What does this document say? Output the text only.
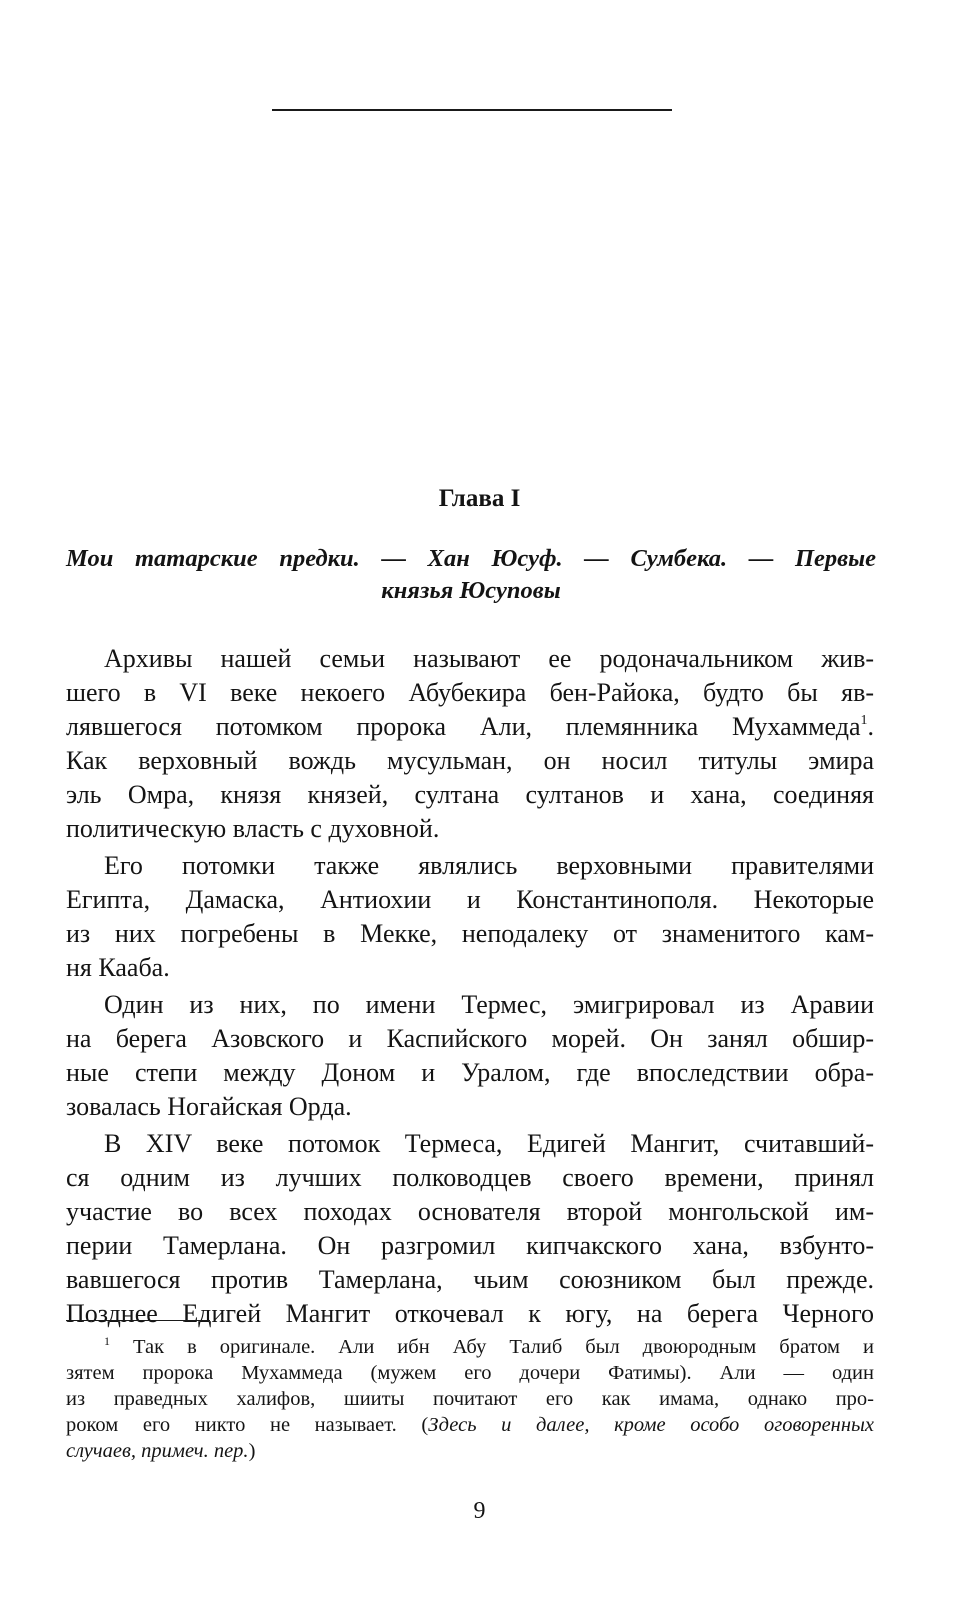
Глава I
Мои татарские предки. — Хан Юсуф. — Сумбека. — Первые
князья Юсуповы
Архивы нашей семьи называют ее родоначальником жив-
шего в VI веке некоего Абубекира бен-Райока, будто бы яв-
лявшегося потомком пророка Али, племянника Мухаммеда$^1$.
Как верховный вождь мусульман, он носил титулы эмира
эль Омра, князя князей, султана султанов и хана, соединяя
политическую власть с духовной.
Его потомки также являлись верховными правителями
Египта, Дамаска, Антиохии и Константинополя. Некоторые
из них погребены в Мекке, неподалеку от знаменитого кам-
ня Кааба.
Один из них, по имени Термес, эмигрировал из Аравии
на берега Азовского и Каспийского морей. Он занял обшир-
ные степи между Доном и Уралом, где впоследствии обра-
зовалась Ногайская Орда.
В XIV веке потомок Термеса, Едигей Мангит, считавший-
ся одним из лучших полководцев своего времени, принял
участие во всех походах основателя второй монгольской им-
перии Тамерлана. Он разгромил кипчакского хана, взбунто-
вавшегося против Тамерлана, чьим союзником был прежде.
Позднее Едигей Мангит откочевал к югу, на берега Черного
$^1$ Так в оригинале. Али ибн Абу Талиб был двоюродным братом и
зятем пророка Мухаммеда (мужем его дочери Фатимы). Али — один
из праведных халифов, шииты почитают его как имама, однако про-
роком его никто не называет. (Здесь и далее, кроме особо оговоренных
случаев, примеч. пер.)
9
